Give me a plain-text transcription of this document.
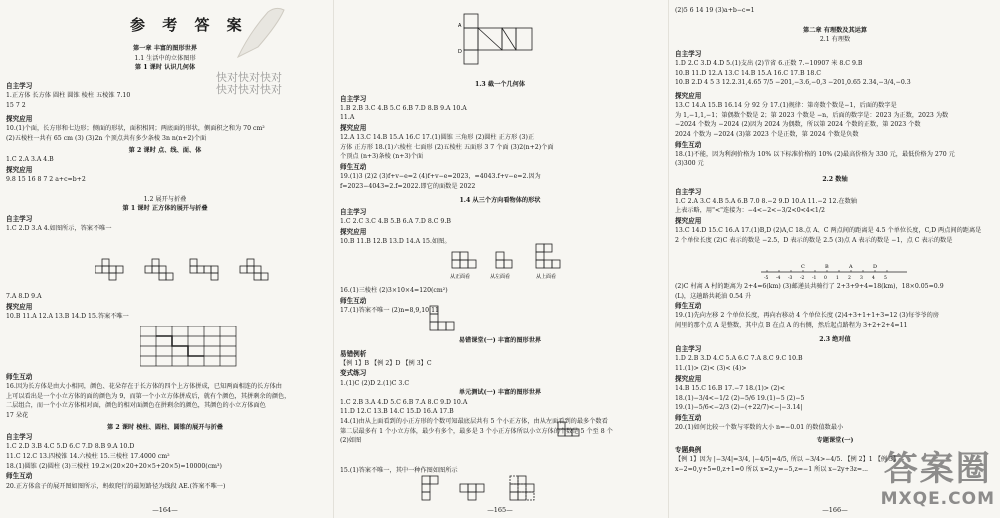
参 考 答 案
第一章 丰富的图形世界
1.1 生活中的立体图形
第 1 课时 认识几何体
自主学习
1.正方体 长方体 圆柱 圆锥 棱柱 五棱锥 7.10
15 7 2
探究应用
10.(1)个面，长方形和七边形；侧面的形状，面积相同；两底面的形状，侧面积之和为 70 cm²
(2)五棱柱一共有 65 cm (3) (3)2n 个顶点共有多少条棱 3n n(n+2)个面
第 2 课时 点、线、面、体
1.C 2.A 3.A 4.B
探究应用
9.8 15 16 8 7 2 a+c=b+2
1.2 展开与折叠
第 1 课时 正方体的展开与折叠
自主学习
1.C 2.D 3.A 4.如图所示，答案不唯一
7.A 8.D 9.A
探究应用
10.B 11.A 12.A 13.B 14.D 15.答案不唯一
师生互动
16.因为长方体是由大小相同，颜色、花朵存在于长方体的四个上方体拼成，已知两面相连的长方体由
上可以看出是一个小立方体的面的颜色为 9，而第一个小立方体拼成后，就有个颜色，其拼剩余的颜色，
二层组合，而一个小立方体相对面，颜色的相对面颜色在拼剩余的颜色，其颜色的小立方体面色
17 朵花
第 2 课时 棱柱、圆柱、圆锥的展开与折叠
自主学习
1.C 2.D 3.B 4.C 5.D 6.C 7.D 8.B 9.A 10.D
11.C 12.C 13.四棱锥 14.六棱柱 15.三棱柱 17.4000 cm²
18.(1)圆锥 (2)圆柱 (3)三棱柱 19.2×(20×20+20×5+20×5)=10000(cm³)
师生互动
20.正方体盒子的展开图如图所示，蚂蚁爬行的最短路径为线段 AE.(答案不唯一)
—164—
快对快对快对
快对快对快对
A
D
1.3 截一个几何体
自主学习
1.B 2.B 3.C 4.B 5.C 6.B 7.D 8.B 9.A 10.A
11.A
探究应用
12.A 13.C 14.B 15.A 16.C 17.(1)圆锥 三角形 (2)圆柱 正方形 (3)正
方体 正方形 18.(1)六棱柱 七面形 (2)五棱柱 五面形 3 7 个面 (3)2(n+2)个面
个顶点 (n+3)条棱 (n+3)个面
师生互动
19.(1)3 (2)2 (3)f+v−e=2 (4)f+v−e=2023，=4043.f+v−e=2.因为
f=2023−4043=2.f=2022.即它的面数是 2022
1.4 从三个方向看物体的形状
自主学习
1.C 2.C 3.C 4.B 5.B 6.A 7.D 8.C 9.B
探究应用
10.B 11.B 12.B 13.D 14.A 15.如图。
从正面看	从左面看	从上面看
16.(1)三棱柱 (2)3×10×4=120(cm²)
师生互动
17.(1)答案不唯一 (2)n=8,9,10,11
易错课堂(一) 丰富的图形世界
易错例析
【例 1】B 【例 2】D 【例 3】C
变式练习
1.(1)C (2)D 2.(1)C 3.C
单元测试(一) 丰富的图形世界
1.C 2.B 3.A 4.D 5.C 6.B 7.A 8.C 9.D 10.A
11.D 12.C 13.B 14.C 15.D 16.A 17.B
14.(1)由从上面看到的小正方形的个数可知最底层共有 5 个小正方体，由从左面看到的最多个数看
第二层最多有 1 个小立方体，最少有多个，最多是 3 个小正方体所以小立方体的个数是 5 个至 8 个
(2)如图
15.(1)答案不唯一，其中一种作图如图所示
—165—
(2)5 6 14 19 (3)a+b−c=1
第二章 有理数及其运算
2.1 有理数
自主学习
1.D 2.C 3.D 4.D 5.(1)支出 (2)节省 6.正数 7.−10907 米 8.C 9.B
10.B 11.D 12.A 13.C 14.B 15.A 16.C 17.B 18.C
10.B 2.D 4 5 3 12.2.31,4.65 7/5 −201,−3.6,−0,3 −201,0.65 2.34,−3/4,−0.3
探究应用
13.C 14.A 15.B 16.14 分 92 分 17.(1)规律：第奇数个数是−1，后面的数字是
为 1,−1,1,−1；第偶数个数是 2；第 2023 个数是 −n，后面的数字是：2023 为正数，2023 为数
−2024 个数为 −2024 (2)因为 2024 为偶数，所以第 2024 个数的正数，第 2023 个数
2024 个数为 −2024 (3)第 2023 个是正数，第 2024 个数是负数
师生互动
18.(1)不能，因为利润价格为 10% 以下标准价格的 10% (2)最高价格为 330 元，最低价格为 270 元
(3)300 元
2.2 数轴
自主学习
1.C 2.A 3.C 4.B 5.A 6.B 7.0 8.−2 9.D 10.A 11.−2 12.在数轴
上表示略，用"<"连接为：−4<−2<−3/2<0<4<1/2
探究应用
13.C 14.D 15.C 16.A 17.(1)B,D (2)A,C 18.点 A、C 两点间的距离是 4.5 个单位长度，C,D 两点间的距离是
2 个单位长度 (2)C 表示的数是 −2.5，D 表示的数是 2.5 (3)点 A 表示的数是 −1，点 C 表示的数是
-5 -4 -3 -2 -1 0 1 2 3 4 5
C	B	A	D
(2)C 村离 A 村的距离为 2+4=6(km) (3)邮递员共骑行了 2+3+9+4=18(km)，18×0.05=0.9
(L)，这趟路共耗油 0.54 升
师生互动
19.(1)先向左移 2 个单位长度，再向右移动 4 个单位长度 (2)4+3+1+1+3=12 (3)每爷爷的房
间里的那个点 A 是整数，其中点 B 在点 A 的右侧，然后起点路程为 3+2+2+4=11
2.3 绝对值
自主学习
1.D 2.B 3.D 4.C 5.A 6.C 7.A 8.C 9.C 10.B
11.(1)> (2)< (3)< (4)>
探究应用
14.B 15.C 16.B 17.−7 18.(1)> (2)<
18.(1)−3/4<−1/2 (2)−5/6 19.(1)−5 (2)−5
19.(1)−5/6<−2/3 (2)−(+22/7)<−|−3.14|
师生互动
20.(1)如何比较一个数与零数的大小 n=−0.01 的数值数最小
专题课堂(一)
专题典例
【例 1】因为 |−3/4|=3/4, |−4/5|=4/5, 所以 −3/4>−4/5. 【例 2】1 【例 3】
x−2=0,y+5=0,z+1=0 所以 x=2,y=−5,z=−1 所以 x−2y+3z=...
—166—
答案圈
MXQE.COM
